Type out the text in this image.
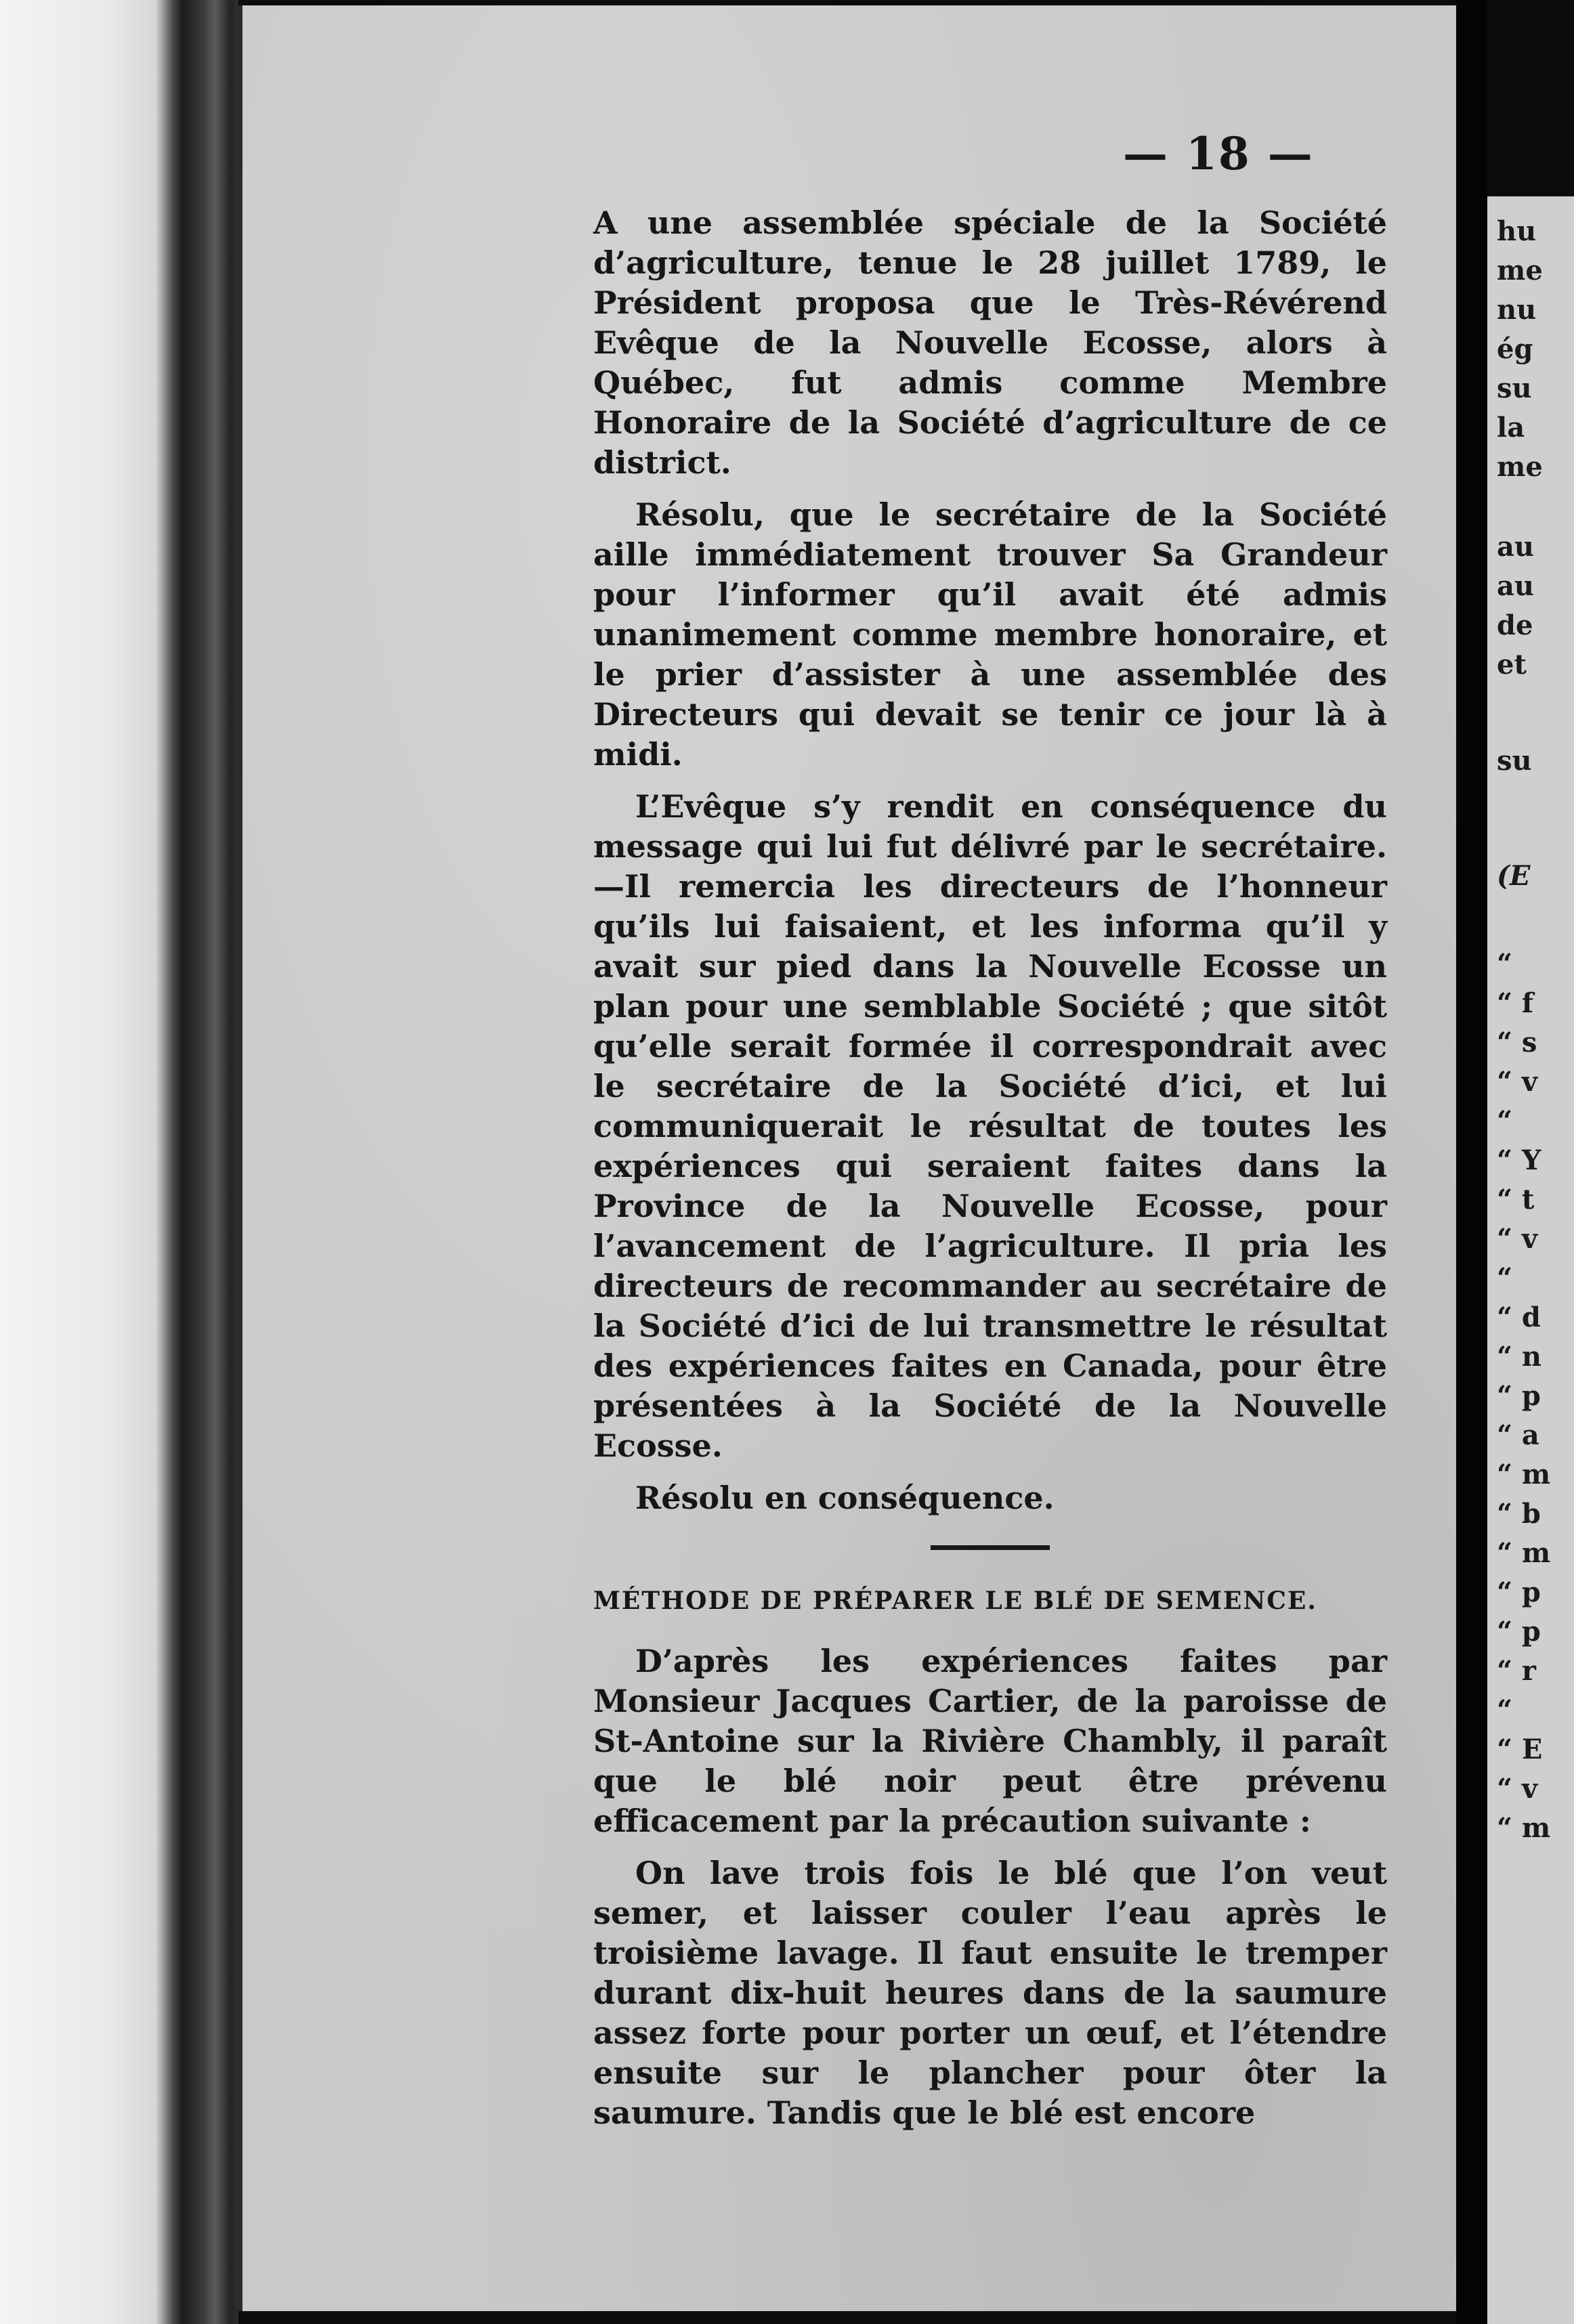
— 18 —

A une assemblée spéciale de la Société d’agriculture, tenue le 28 juillet 1789, le Président proposa que le Très-Révérend Evêque de la Nouvelle Ecosse, alors à Québec, fut admis comme Membre Honoraire de la Société d’agriculture de ce district.

Résolu, que le secrétaire de la Société aille immédiatement trouver Sa Grandeur pour l’informer qu’il avait été admis unanimement comme membre honoraire, et le prier d’assister à une assemblée des Directeurs qui devait se tenir ce jour là à midi.

L’Evêque s’y rendit en conséquence du message qui lui fut délivré par le secrétaire.—Il remercia les directeurs de l’honneur qu’ils lui faisaient, et les informa qu’il y avait sur pied dans la Nouvelle Ecosse un plan pour une semblable Société ; que sitôt qu’elle serait formée il correspondrait avec le secrétaire de la Société d’ici, et lui communiquerait le résultat de toutes les expériences qui seraient faites dans la Province de la Nouvelle Ecosse, pour l’avancement de l’agriculture. Il pria les directeurs de recommander au secrétaire de la Société d’ici de lui transmettre le résultat des expériences faites en Canada, pour être présentées à la Société de la Nouvelle Ecosse.

Résolu en conséquence.

MÉTHODE DE PRÉPARER LE BLÉ DE SEMENCE.

D’après les expériences faites par Monsieur Jacques Cartier, de la paroisse de St-Antoine sur la Rivière Chambly, il paraît que le blé noir peut être prévenu efficacement par la précaution suivante :

On lave trois fois le blé que l’on veut semer, et laisser couler l’eau après le troisième lavage. Il faut ensuite le tremper durant dix-huit heures dans de la saumure assez forte pour porter un œuf, et l’étendre ensuite sur le plancher pour ôter la saumure. Tandis que le blé est encore

hu
me
nu
ég
su
la
me
au
au
de
et
su
(E
“
“ f
“ s
“ v
“
“ Y
“ t
“ v
“
“ d
“ n
“ p
“ a
“ m
“ b
“ m
“ p
“ p
“ r
“
“ E
“ v
“ m
